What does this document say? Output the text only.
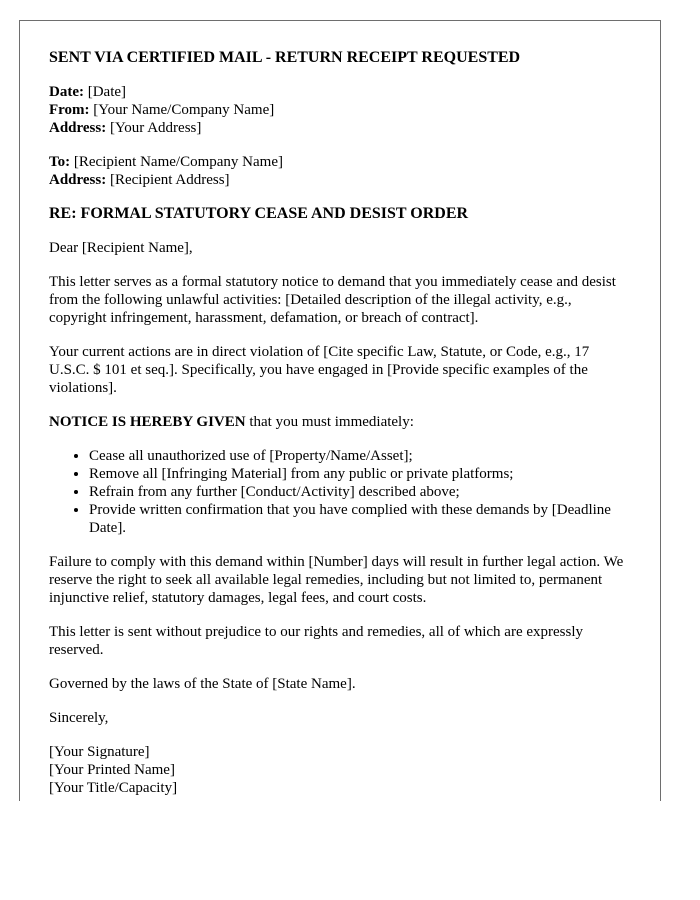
SENT VIA CERTIFIED MAIL - RETURN RECEIPT REQUESTED
Date: [Date]
From: [Your Name/Company Name]
Address: [Your Address]
To: [Recipient Name/Company Name]
Address: [Recipient Address]
RE: FORMAL STATUTORY CEASE AND DESIST ORDER

Dear [Recipient Name],

This letter serves as a formal statutory notice to demand that you immediately cease and desist from the following unlawful activities: [Detailed description of the illegal activity, e.g., copyright infringement, harassment, defamation, or breach of contract].

Your current actions are in direct violation of [Cite specific Law, Statute, or Code, e.g., 17 U.S.C. $ 101 et seq.]. Specifically, you have engaged in [Provide specific examples of the violations].

NOTICE IS HEREBY GIVEN that you must immediately:

• Cease all unauthorized use of [Property/Name/Asset];
• Remove all [Infringing Material] from any public or private platforms;
• Refrain from any further [Conduct/Activity] described above;
• Provide written confirmation that you have complied with these demands by [Deadline Date].

Failure to comply with this demand within [Number] days will result in further legal action. We reserve the right to seek all available legal remedies, including but not limited to, permanent injunctive relief, statutory damages, legal fees, and court costs.

This letter is sent without prejudice to our rights and remedies, all of which are expressly reserved.

Governed by the laws of the State of [State Name].

Sincerely,

[Your Signature]
[Your Printed Name]
[Your Title/Capacity]
